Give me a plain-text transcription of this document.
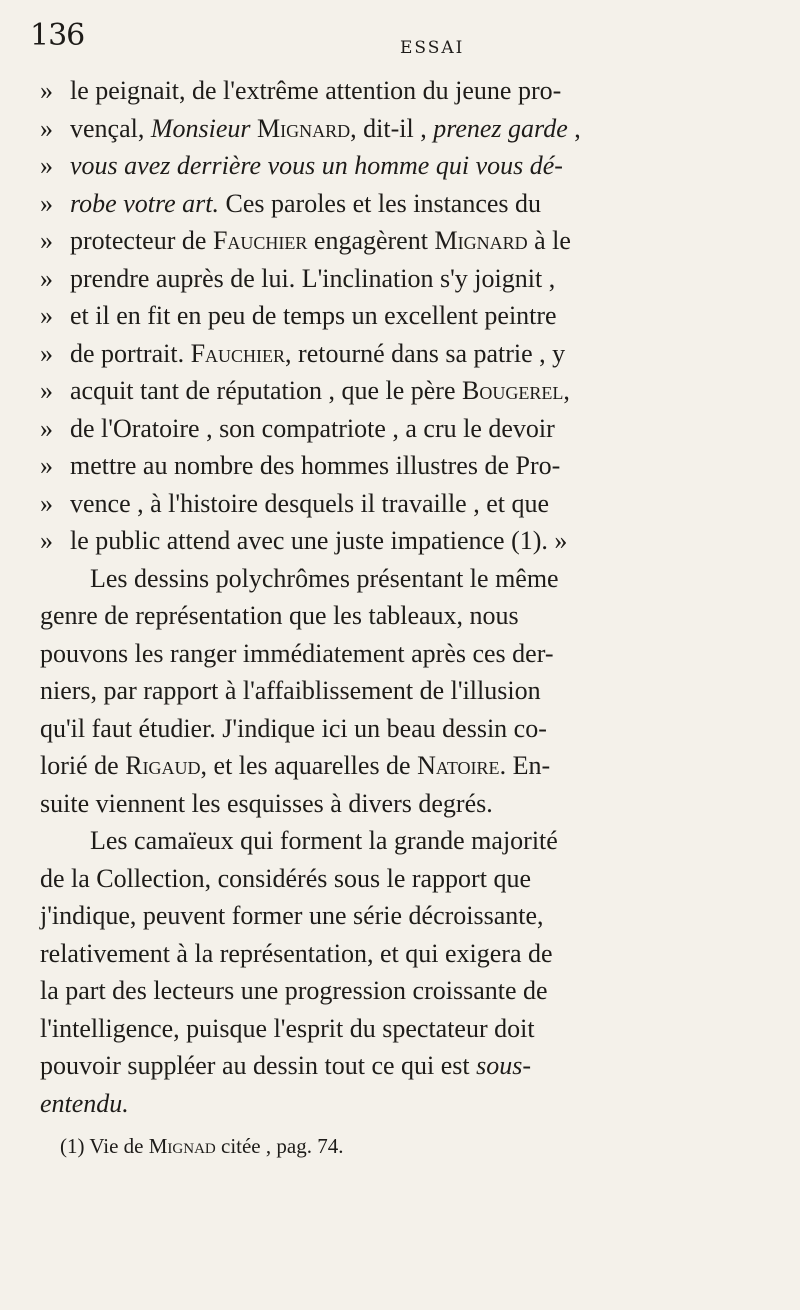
136	ESSAI
» le peignait, de l'extrême attention du jeune pro-
» vençal, Monsieur Mignard, dit-il , prenez garde ,
» vous avez derrière vous un homme qui vous dé-
» robe votre art. Ces paroles et les instances du
» protecteur de Fauchier engagèrent Mignard à le
» prendre auprès de lui. L'inclination s'y joignit ,
» et il en fit en peu de temps un excellent peintre
» de portrait. Fauchier, retourné dans sa patrie , y
» acquit tant de réputation , que le père Bougerel,
» de l'Oratoire , son compatriote , a cru le devoir
» mettre au nombre des hommes illustres de Pro-
» vence , à l'histoire desquels il travaille , et que
» le public attend avec une juste impatience (1). »
Les dessins polychrômes présentant le même
genre de représentation que les tableaux, nous
pouvons les ranger immédiatement après ces der-
niers, par rapport à l'affaiblissement de l'illusion
qu'il faut étudier. J'indique ici un beau dessin co-
lorié de Rigaud, et les aquarelles de Natoire. En-
suite viennent les esquisses à divers degrés.
Les camaïeux qui forment la grande majorité
de la Collection, considérés sous le rapport que
j'indique, peuvent former une série décroissante,
relativement à la représentation, et qui exigera de
la part des lecteurs une progression croissante de
l'intelligence, puisque l'esprit du spectateur doit
pouvoir suppléer au dessin tout ce qui est sous-
entendu.
(1) Vie de Mignad citée , pag. 74.
